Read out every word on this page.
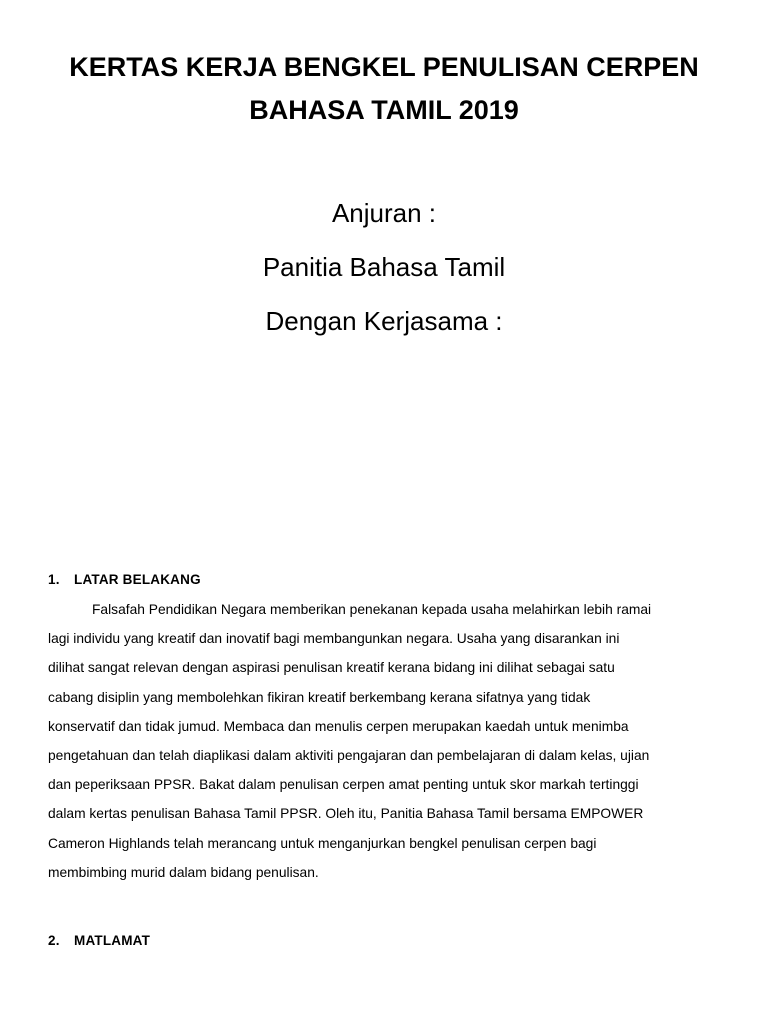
KERTAS KERJA BENGKEL PENULISAN CERPEN
BAHASA TAMIL 2019

Anjuran :

Panitia Bahasa Tamil

Dengan Kerjasama :

1. LATAR BELAKANG

Falsafah Pendidikan Negara memberikan penekanan kepada usaha melahirkan lebih ramai
lagi individu yang kreatif dan inovatif bagi membangunkan negara. Usaha yang disarankan ini
dilihat sangat relevan dengan aspirasi penulisan kreatif kerana bidang ini dilihat sebagai satu
cabang disiplin yang membolehkan fikiran kreatif berkembang kerana sifatnya yang tidak
konservatif dan tidak jumud. Membaca dan menulis cerpen merupakan kaedah untuk menimba
pengetahuan dan telah diaplikasi dalam aktiviti pengajaran dan pembelajaran di dalam kelas, ujian
dan peperiksaan PPSR. Bakat dalam penulisan cerpen amat penting untuk skor markah tertinggi
dalam kertas penulisan Bahasa Tamil PPSR. Oleh itu, Panitia Bahasa Tamil bersama EMPOWER
Cameron Highlands telah merancang untuk menganjurkan bengkel penulisan cerpen bagi
membimbing murid dalam bidang penulisan.

2. MATLAMAT
